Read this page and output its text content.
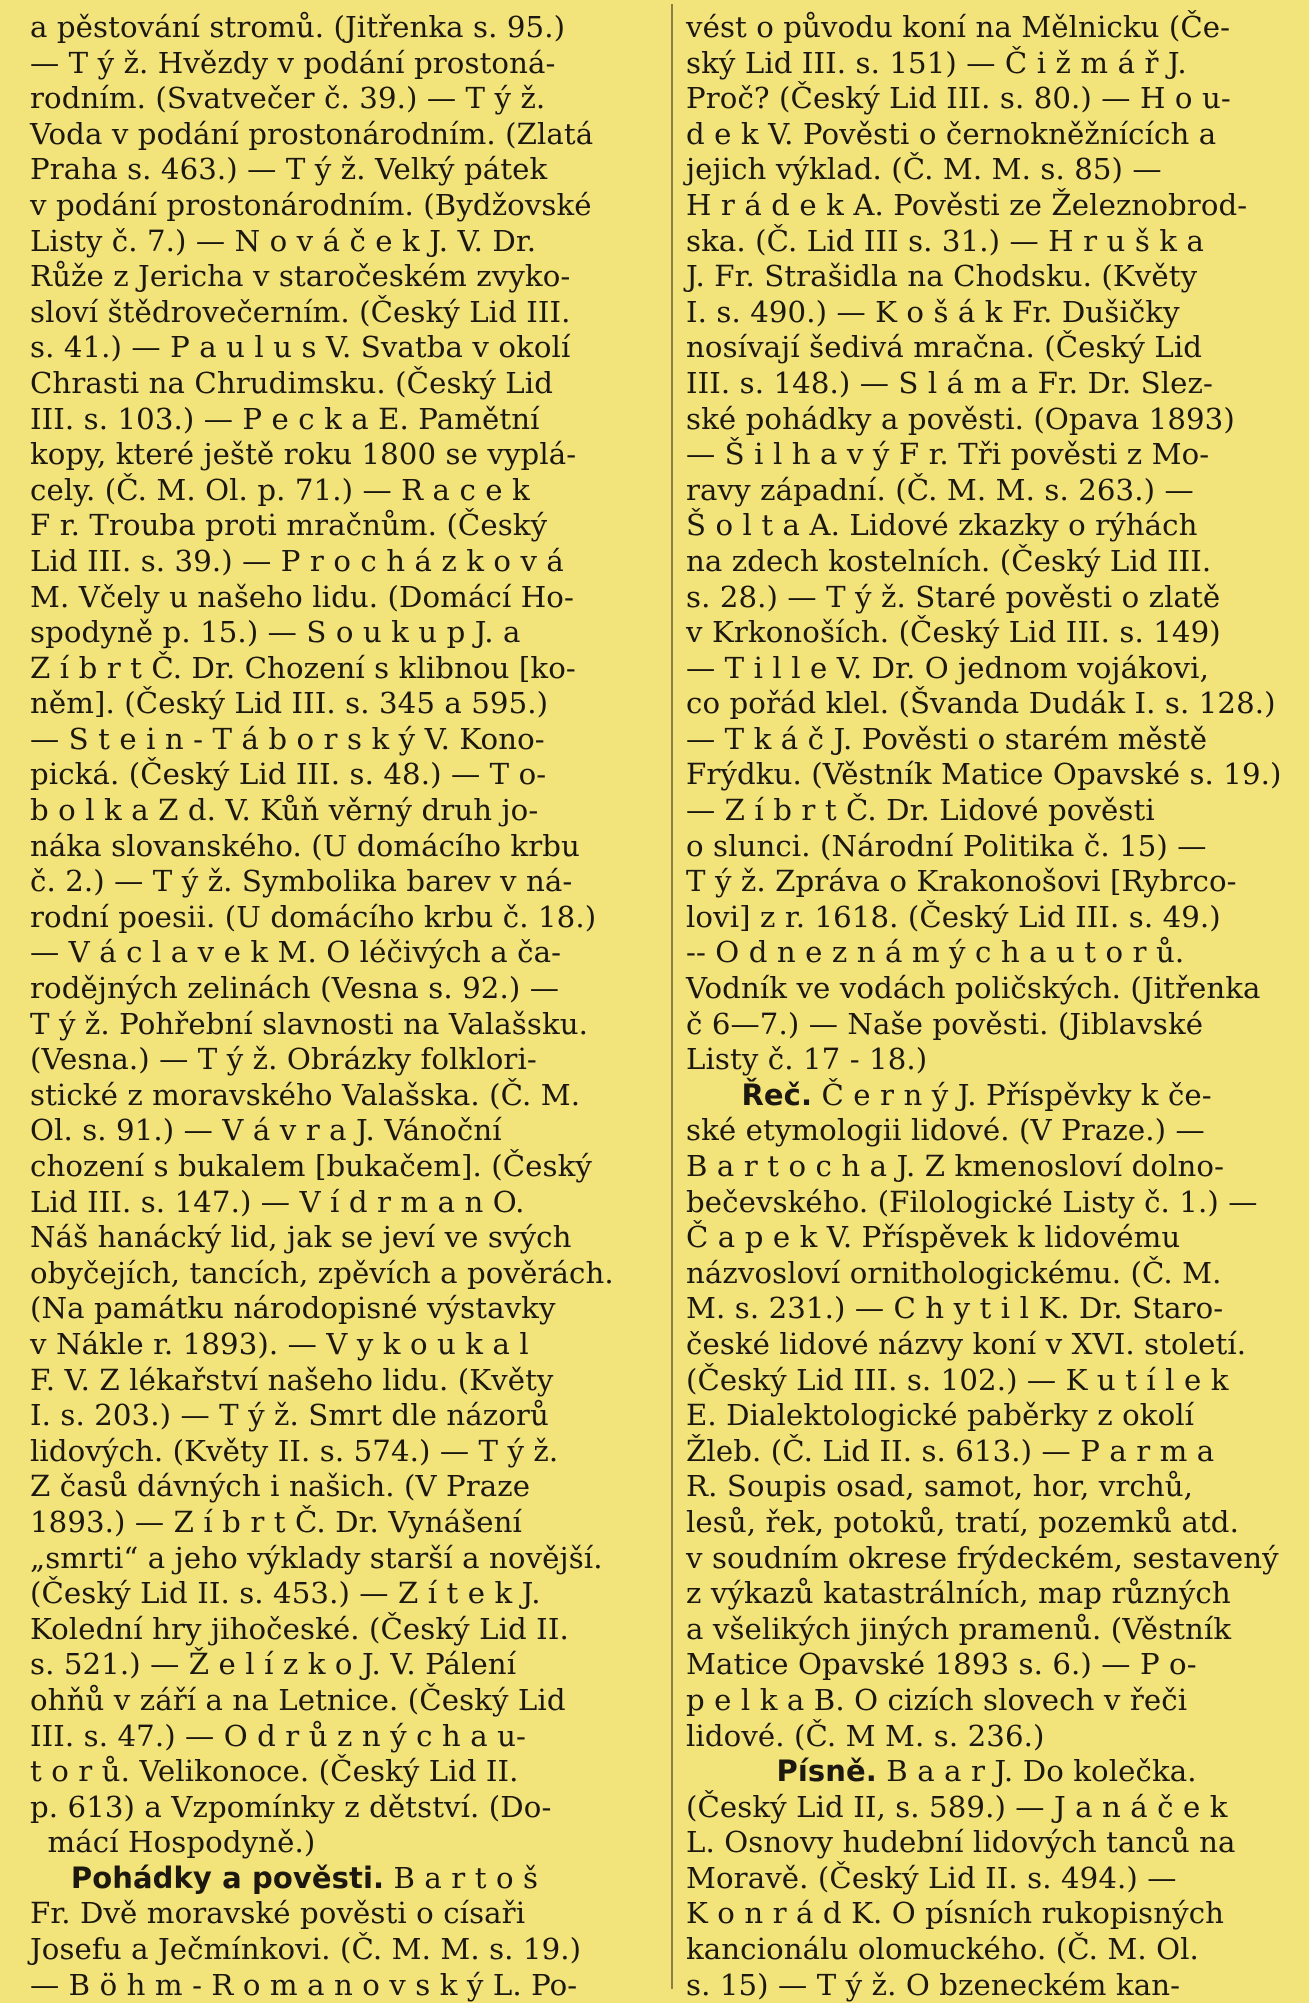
a pěstování stromů. (Jitřenka s. 95.)
— T ý ž. Hvězdy v podání prostoná-
rodním. (Svatvečer č. 39.) — T ý ž.
Voda v podání prostonárodním. (Zlatá
Praha s. 463.) — T ý ž. Velký pátek
v podání prostonárodním. (Bydžovské
Listy č. 7.) — N o v á č e k J. V. Dr.
Růže z Jericha v staročeském zvyko-
sloví štědrovečerním. (Český Lid III.
s. 41.) — P a u l u s V. Svatba v okolí
Chrasti na Chrudimsku. (Český Lid
III. s. 103.) — P e c k a E. Pamětní
kopy, které ještě roku 1800 se vyplá-
cely. (Č. M. Ol. p. 71.) — R a c e k
F r. Trouba proti mračnům. (Český
Lid III. s. 39.) — P r o c h á z k o v á
M. Včely u našeho lidu. (Domácí Ho-
spodyně p. 15.) — S o u k u p J. a
Z í b r t Č. Dr. Chození s klibnou [ko-
něm]. (Český Lid III. s. 345 a 595.)
— S t e i n - T á b o r s k ý V. Kono-
pická. (Český Lid III. s. 48.) — T o-
b o l k a Z d. V. Kůň věrný druh jo-
náka slovanského. (U domácího krbu
č. 2.) — T ý ž. Symbolika barev v ná-
rodní poesii. (U domácího krbu č. 18.)
— V á c l a v e k M. O léčivých a ča-
rodějných zelinách (Vesna s. 92.) —
T ý ž. Pohřební slavnosti na Valašsku.
(Vesna.) — T ý ž. Obrázky folklori-
stické z moravského Valašska. (Č. M.
Ol. s. 91.) — V á v r a J. Vánoční
chození s bukalem [bukačem]. (Český
Lid III. s. 147.) — V í d r m a n O.
Náš hanácký lid, jak se jeví ve svých
obyčejích, tancích, zpěvích a pověrách.
(Na památku národopisné výstavky
v Nákle r. 1893). — V y k o u k a l
F. V. Z lékařství našeho lidu. (Květy
I. s. 203.) — T ý ž. Smrt dle názorů
lidových. (Květy II. s. 574.) — T ý ž.
Z časů dávných i našich. (V Praze
1893.) — Z í b r t Č. Dr. Vynášení
„smrti“ a jeho výklady starší a novější.
(Český Lid II. s. 453.) — Z í t e k J.
Kolední hry jihočeské. (Český Lid II.
s. 521.) — Ž e l í z k o J. V. Pálení
ohňů v září a na Letnice. (Český Lid
III. s. 47.) — O d r ů z n ý c h a u-
t o r ů. Velikonoce. (Český Lid II.
p. 613) a Vzpomínky z dětství. (Do-
mácí Hospodyně.)
Pohádky a pověsti. B a r t o š
Fr. Dvě moravské pověsti o císaři
Josefu a Ječmínkovi. (Č. M. M. s. 19.)
— B ö h m - R o m a n o v s k ý L. Po-
vést o původu koní na Mělnicku (Če-
ský Lid III. s. 151) — Č i ž m á ř J.
Proč? (Český Lid III. s. 80.) — H o u-
d e k V. Pověsti o černokněžnících a
jejich výklad. (Č. M. M. s. 85) —
H r á d e k A. Pověsti ze Železnobrod-
ska. (Č. Lid III s. 31.) — H r u š k a
J. Fr. Strašidla na Chodsku. (Květy
I. s. 490.) — K o š á k Fr. Dušičky
nosívají šedivá mračna. (Český Lid
III. s. 148.) — S l á m a Fr. Dr. Slez-
ské pohádky a pověsti. (Opava 1893)
— Š i l h a v ý F r. Tři pověsti z Mo-
ravy západní. (Č. M. M. s. 263.) —
Š o l t a A. Lidové zkazky o rýhách
na zdech kostelních. (Český Lid III.
s. 28.) — T ý ž. Staré pověsti o zlatě
v Krkonoších. (Český Lid III. s. 149)
— T i l l e V. Dr. O jednom vojákovi,
co pořád klel. (Švanda Dudák I. s. 128.)
— T k á č J. Pověsti o starém městě
Frýdku. (Věstník Matice Opavské s. 19.)
— Z í b r t Č. Dr. Lidové pověsti
o slunci. (Národní Politika č. 15) —
T ý ž. Zpráva o Krakonošovi [Rybrco-
lovi] z r. 1618. (Český Lid III. s. 49.)
-- O d n e z n á m ý c h a u t o r ů.
Vodník ve vodách poličských. (Jitřenka
č 6—7.) — Naše pověsti. (Jiblavské
Listy č. 17 - 18.)
Řeč. Č e r n ý J. Příspěvky k če-
ské etymologii lidové. (V Praze.) —
B a r t o c h a J. Z kmenosloví dolno-
bečevského. (Filologické Listy č. 1.) —
Č a p e k V. Příspěvek k lidovému
názvosloví ornithologickému. (Č. M.
M. s. 231.) — C h y t i l K. Dr. Staro-
české lidové názvy koní v XVI. století.
(Český Lid III. s. 102.) — K u t í l e k
E. Dialektologické paběrky z okolí
Žleb. (Č. Lid II. s. 613.) — P a r m a
R. Soupis osad, samot, hor, vrchů,
lesů, řek, potoků, tratí, pozemků atd.
v soudním okrese frýdeckém, sestavený
z výkazů katastrálních, map různých
a všelikých jiných pramenů. (Věstník
Matice Opavské 1893 s. 6.) — P o-
p e l k a B. O cizích slovech v řeči
lidové. (Č. M M. s. 236.)
Písně. B a a r J. Do kolečka.
(Český Lid II, s. 589.) — J a n á č e k
L. Osnovy hudební lidových tanců na
Moravě. (Český Lid II. s. 494.) —
K o n r á d K. O písních rukopisných
kancionálu olomuckého. (Č. M. Ol.
s. 15) — T ý ž. O bzeneckém kan-
